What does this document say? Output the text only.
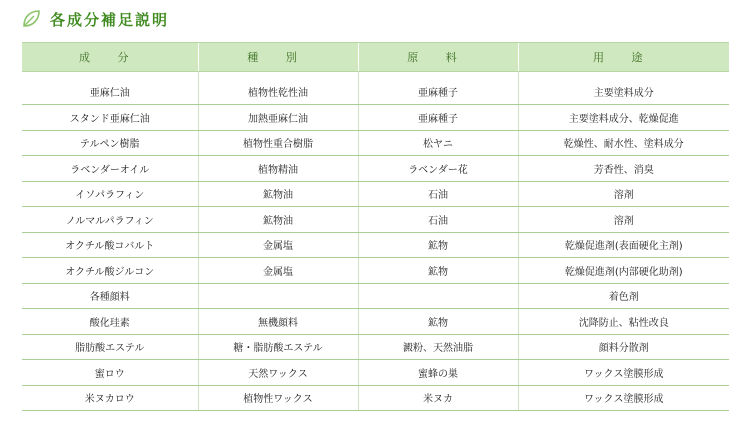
各成分補足説明
成 分	種 別	原 料	用 途
亜麻仁油	植物性乾性油	亜麻種子	主要塗料成分
スタンド亜麻仁油	加熱亜麻仁油	亜麻種子	主要塗料成分、乾燥促進
テルペン樹脂	植物性重合樹脂	松ヤニ	乾燥性、耐水性、塗料成分
ラベンダーオイル	植物精油	ラベンダー花	芳香性、消臭
イソパラフィン	鉱物油	石油	溶剤
ノルマルパラフィン	鉱物油	石油	溶剤
オクチル酸コバルト	金属塩	鉱物	乾燥促進剤(表面硬化主剤)
オクチル酸ジルコン	金属塩	鉱物	乾燥促進剤(内部硬化助剤)
各種顔料			着色剤
酸化珪素	無機顔料	鉱物	沈降防止、粘性改良
脂肪酸エステル	糖・脂肪酸エステル	澱粉、天然油脂	顔料分散剤
蜜ロウ	天然ワックス	蜜蜂の巣	ワックス塗膜形成
米ヌカロウ	植物性ワックス	米ヌカ	ワックス塗膜形成
